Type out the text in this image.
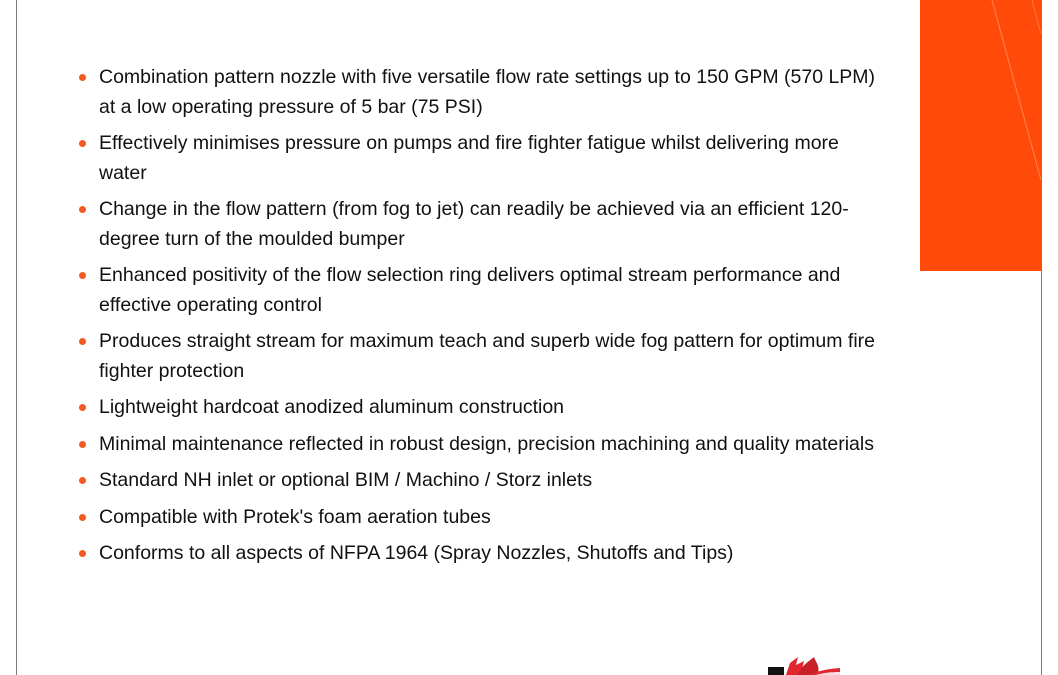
Combination pattern nozzle with five versatile flow rate settings up to 150 GPM (570 LPM) at a low operating pressure of 5 bar (75 PSI)
Effectively minimises pressure on pumps and fire fighter fatigue whilst delivering more water
Change in the flow pattern (from fog to jet) can readily be achieved via an efficient 120-degree turn of the moulded bumper
Enhanced positivity of the flow selection ring delivers optimal stream performance and effective operating control
Produces straight stream for maximum teach and superb wide fog pattern for optimum fire fighter protection
Lightweight hardcoat anodized aluminum construction
Minimal maintenance reflected in robust design, precision machining and quality materials
Standard NH inlet or optional BIM / Machino / Storz inlets
Compatible with Protek's foam aeration tubes
Conforms to all aspects of NFPA 1964 (Spray Nozzles, Shutoffs and Tips)
